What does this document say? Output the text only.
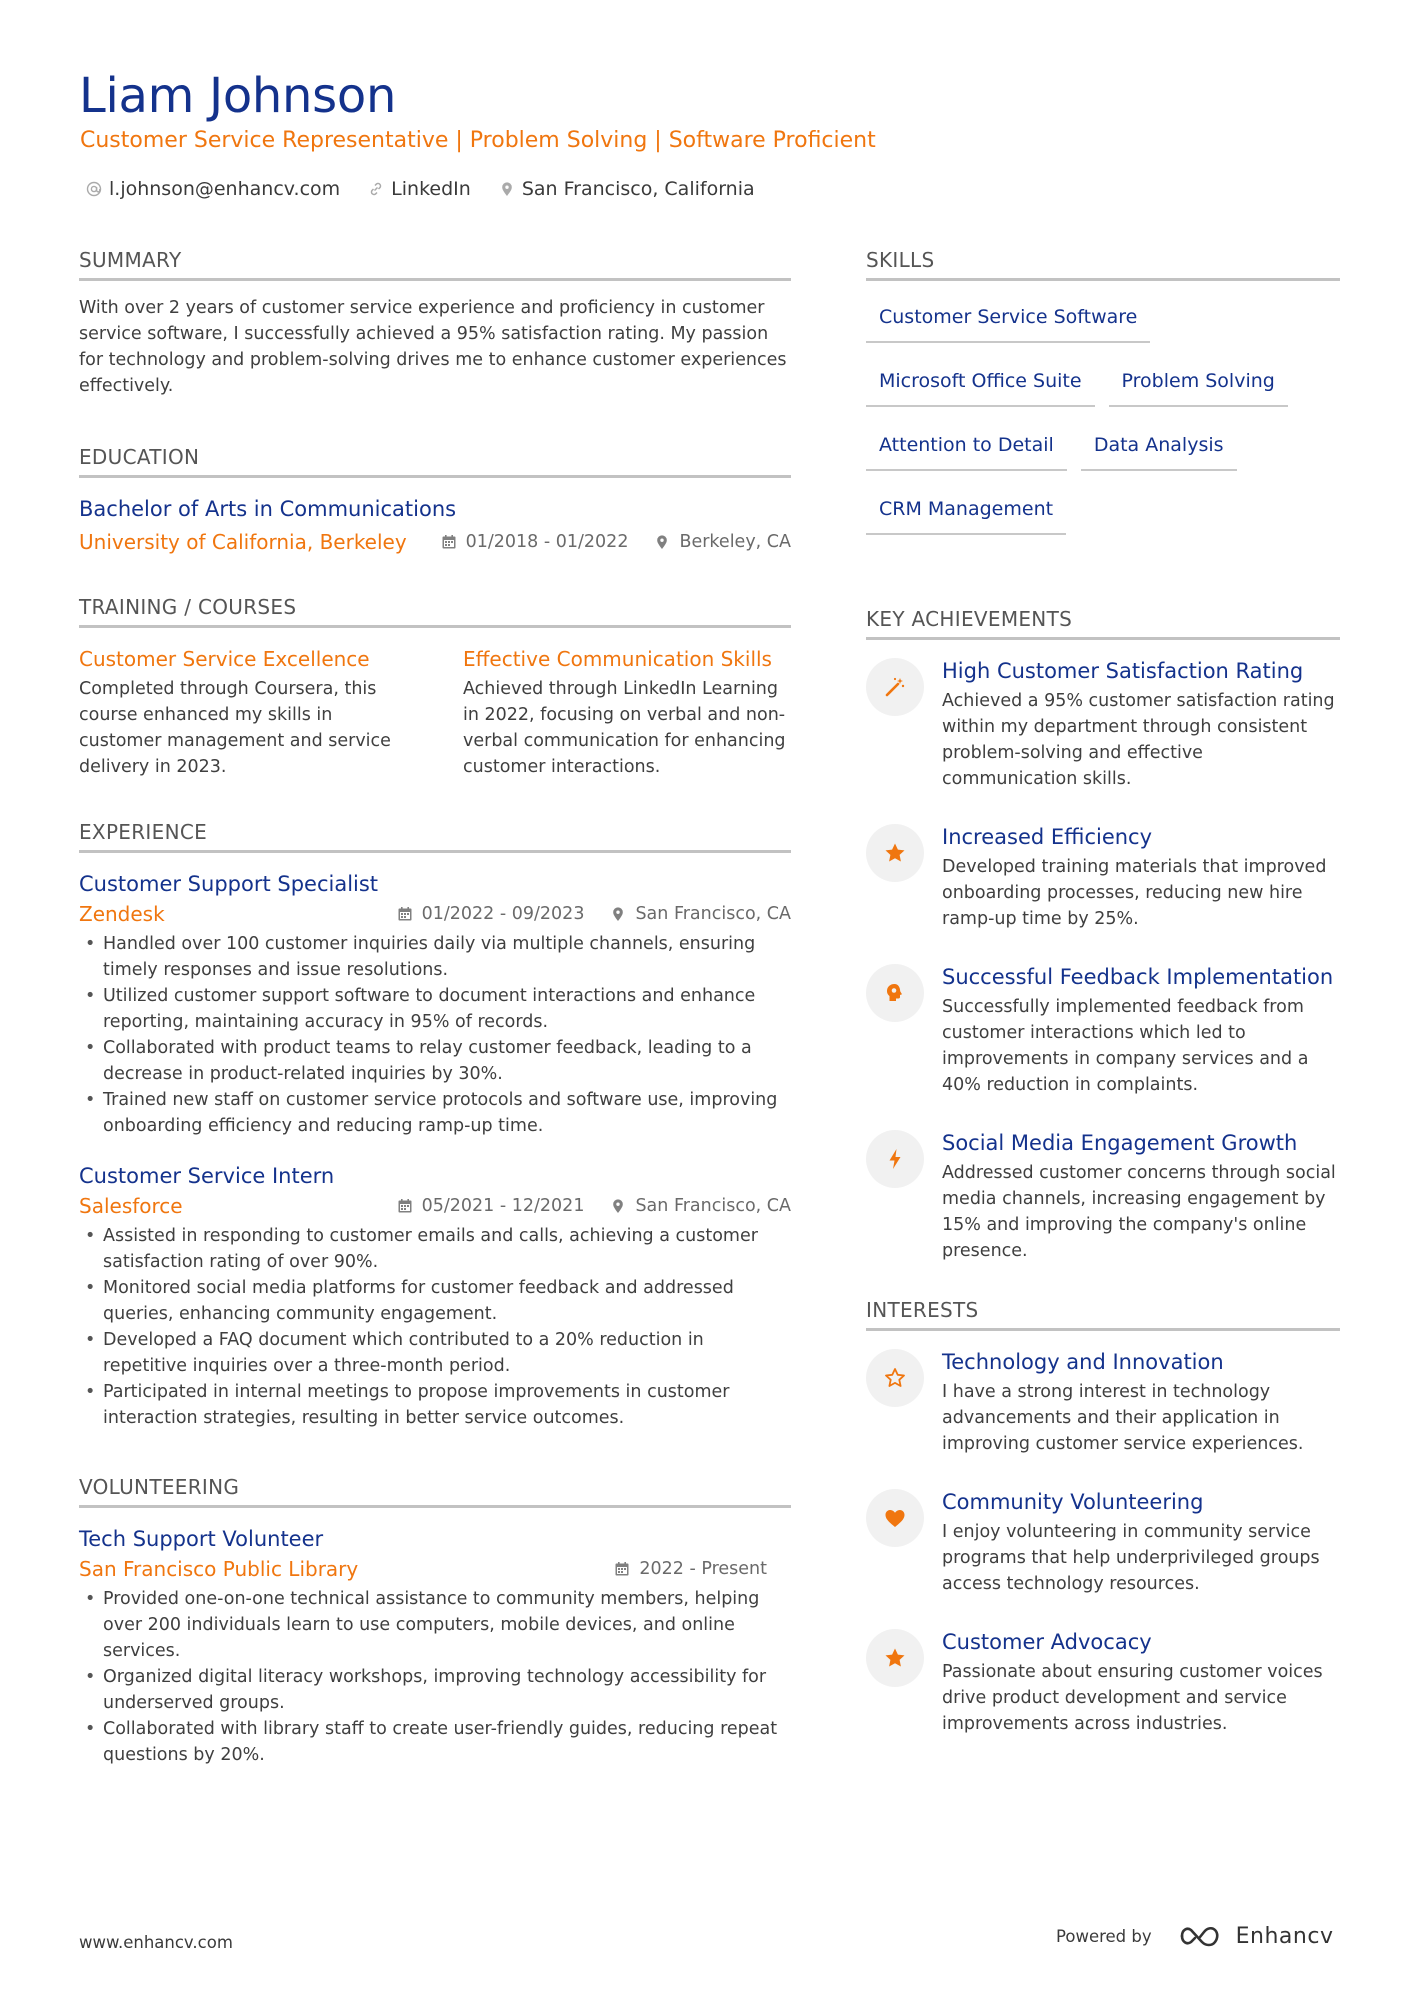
Liam Johnson
Customer Service Representative | Problem Solving | Software Proficient
l.johnson@enhancv.com	LinkedIn	San Francisco, California
SUMMARY
With over 2 years of customer service experience and proficiency in customer service software, I successfully achieved a 95% satisfaction rating. My passion for technology and problem-solving drives me to enhance customer experiences effectively.
EDUCATION
Bachelor of Arts in Communications
University of California, Berkeley	01/2018 - 01/2022	Berkeley, CA
TRAINING / COURSES
Customer Service Excellence
Completed through Coursera, this course enhanced my skills in customer management and service delivery in 2023.
Effective Communication Skills
Achieved through LinkedIn Learning in 2022, focusing on verbal and non-verbal communication for enhancing customer interactions.
EXPERIENCE
Customer Support Specialist
Zendesk	01/2022 - 09/2023	San Francisco, CA
• Handled over 100 customer inquiries daily via multiple channels, ensuring timely responses and issue resolutions.
• Utilized customer support software to document interactions and enhance reporting, maintaining accuracy in 95% of records.
• Collaborated with product teams to relay customer feedback, leading to a decrease in product-related inquiries by 30%.
• Trained new staff on customer service protocols and software use, improving onboarding efficiency and reducing ramp-up time.
Customer Service Intern
Salesforce	05/2021 - 12/2021	San Francisco, CA
• Assisted in responding to customer emails and calls, achieving a customer satisfaction rating of over 90%.
• Monitored social media platforms for customer feedback and addressed queries, enhancing community engagement.
• Developed a FAQ document which contributed to a 20% reduction in repetitive inquiries over a three-month period.
• Participated in internal meetings to propose improvements in customer interaction strategies, resulting in better service outcomes.
VOLUNTEERING
Tech Support Volunteer
San Francisco Public Library	2022 - Present
• Provided one-on-one technical assistance to community members, helping over 200 individuals learn to use computers, mobile devices, and online services.
• Organized digital literacy workshops, improving technology accessibility for underserved groups.
• Collaborated with library staff to create user-friendly guides, reducing repeat questions by 20%.
SKILLS
Customer Service Software
Microsoft Office Suite	Problem Solving
Attention to Detail	Data Analysis
CRM Management
KEY ACHIEVEMENTS
High Customer Satisfaction Rating
Achieved a 95% customer satisfaction rating within my department through consistent problem-solving and effective communication skills.
Increased Efficiency
Developed training materials that improved onboarding processes, reducing new hire ramp-up time by 25%.
Successful Feedback Implementation
Successfully implemented feedback from customer interactions which led to improvements in company services and a 40% reduction in complaints.
Social Media Engagement Growth
Addressed customer concerns through social media channels, increasing engagement by 15% and improving the company's online presence.
INTERESTS
Technology and Innovation
I have a strong interest in technology advancements and their application in improving customer service experiences.
Community Volunteering
I enjoy volunteering in community service programs that help underprivileged groups access technology resources.
Customer Advocacy
Passionate about ensuring customer voices drive product development and service improvements across industries.
www.enhancv.com	Powered by	Enhancv
